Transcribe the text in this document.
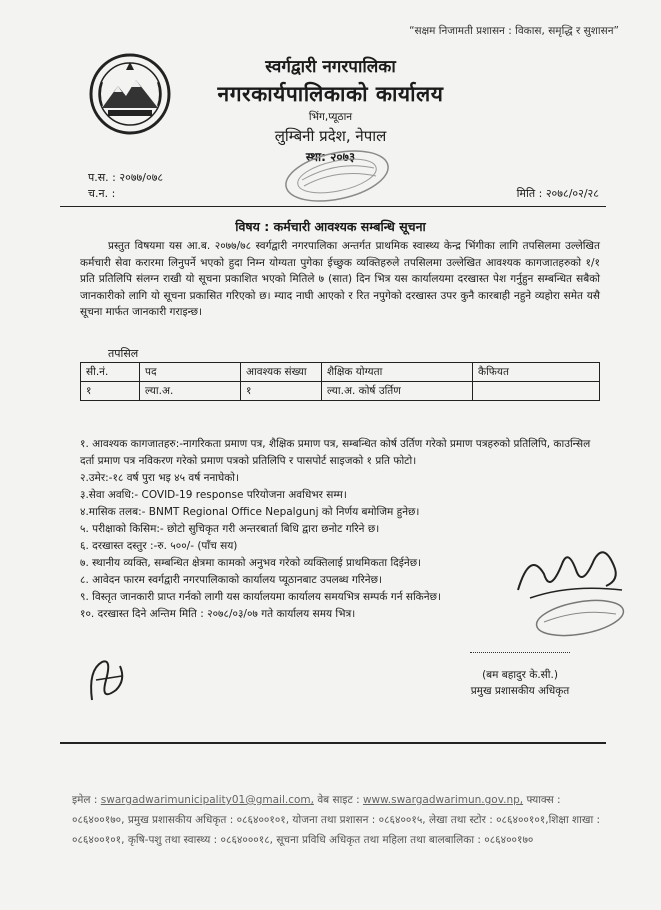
“सक्षम निजामती प्रशासन : विकास, समृद्धि र सुशासन”
स्वर्गद्वारी नगरपालिका
नगरकार्यपालिकाको कार्यालय
भिंग,प्यूठान
लुम्बिनी प्रदेश, नेपाल
स्था: २०७३
प.स. : २०७७/०७८
च.न. :	मिति : २०७८/०२/२८
विषय : कर्मचारी आवश्यक सम्बन्धि सूचना
प्रस्तुत विषयमा यस आ.ब. २०७७/७८ स्वर्गद्वारी नगरपालिका अन्तर्गत प्राथमिक स्वास्थ्य केन्द्र भिंगीका लागि तपसिलमा उल्लेखित कर्मचारी सेवा करारमा लिनुपर्ने भएको हुदा निम्न योग्यता पुगेका ईच्छुक व्यक्तिहरुले तपसिलमा उल्लेखित आवश्यक कागजातहरुको १/१ प्रति प्रतिलिपि संलग्न राखी यो सूचना प्रकाशित भएको मितिले ७ (सात) दिन भित्र यस कार्यालयमा दरखास्त पेश गर्नुहुन सम्बन्धित सबैको जानकारीको लागि यो सूचना प्रकासित गरिएको छ। म्याद नाघी आएको र रित नपुगेको दरखास्त उपर कुनै कारबाही नहुने व्यहोरा समेत यसै सूचना मार्फत जानकारी गराइन्छ।
तपसिल
सी.नं.	पद	आवश्यक संख्या	शैक्षिक योग्यता	कैफियत
१	ल्या.अ.	१	ल्या.अ. कोर्ष उर्तिण	
१. आवश्यक कागजातहरु:-नागरिकता प्रमाण पत्र, शैक्षिक प्रमाण पत्र, सम्बन्धित कोर्ष उर्तिण गरेको प्रमाण पत्रहरुको प्रतिलिपि, काउन्सिल दर्ता प्रमाण पत्र नविकरण गरेको प्रमाण पत्रको प्रतिलिपि र पासपोर्ट साइजको १ प्रति फोटो।
२.उमेर:-१८ वर्ष पुरा भइ ४५ वर्ष ननाघेको।
३.सेवा अवधि:- COVID-19 response परियोजना अवधिभर सम्म।
४.मासिक तलब:- BNMT Regional Office Nepalgunj को निर्णय बमोजिम हुनेछ।
५. परीक्षाको किसिम:- छोटो सुचिकृत गरी अन्तरबार्ता बिधि द्वारा छनोट गरिने छ।
६. दरखास्त दस्तुर :-रु. ५००/- (पाँच सय)
७. स्थानीय व्यक्ति, सम्बन्धित क्षेत्रमा कामको अनुभव गरेको व्यक्तिलाई प्राथमिकता दिईनेछ।
८. आवेदन फारम स्वर्गद्वारी नगरपालिकाको कार्यालय प्यूठानबाट उपलब्ध गरिनेछ।
९. विस्तृत जानकारी प्राप्त गर्नको लागी यस कार्यालयमा कार्यालय समयभित्र सम्पर्क गर्न सकिनेछ।
१०. दरखास्त दिने अन्तिम मिति : २०७८/०३/०७ गते कार्यालय समय भित्र।
(बम बहादुर के.सी.)
प्रमुख प्रशासकीय अधिकृत
इमेल : swargadwarimunicipality01@gmail.com, वेब साइट : www.swargadwarimun.gov.np, फ्याक्स : ०८६४००१७०, प्रमुख प्रशासकीय अधिकृत : ०८६४००१०१, योजना तथा प्रशासन : ०८६४००१५, लेखा तथा स्टोर : ०८६४००१०१,शिक्षा शाखा : ०८६४००१०१, कृषि-पशु तथा स्वास्थ्य : ०८६४०००१८, सूचना प्रविधि अधिकृत तथा महिला तथा बालबालिका : ०८६४००१७०
